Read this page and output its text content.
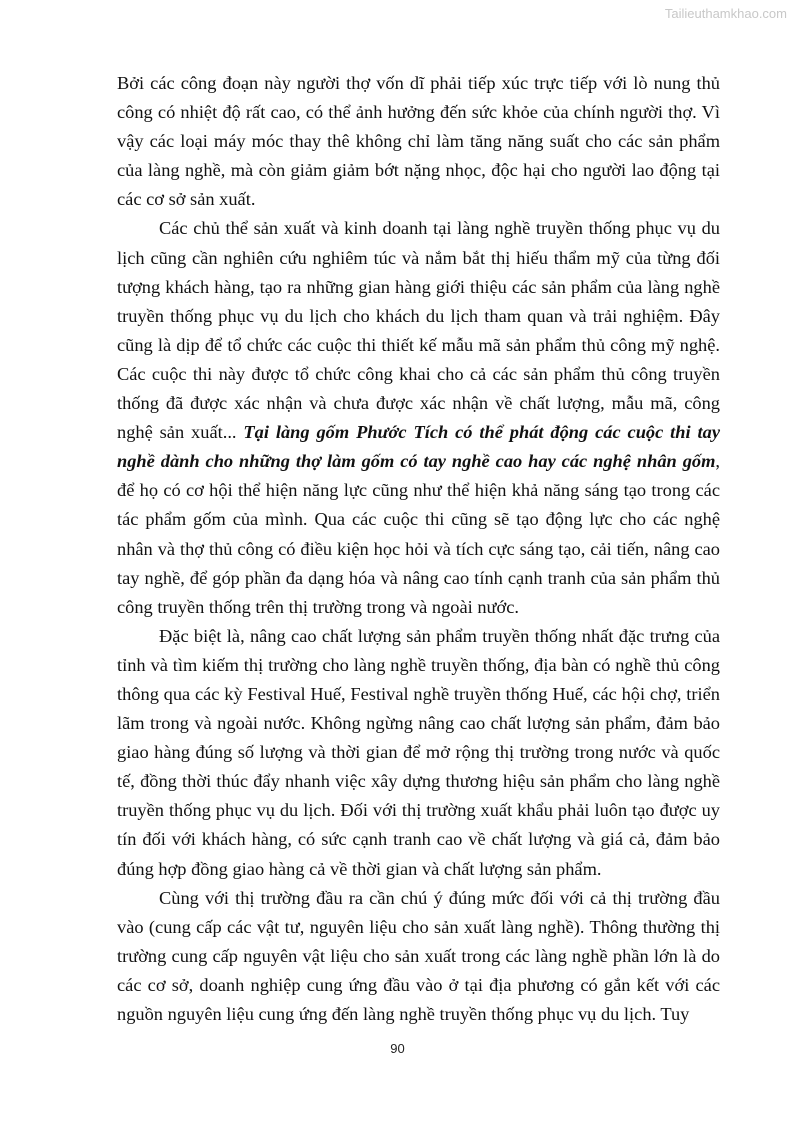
Tailieuthamkhao.com

Bởi các công đoạn này người thợ vốn dĩ phải tiếp xúc trực tiếp với lò nung thủ công có nhiệt độ rất cao, có thể ảnh hưởng đến sức khỏe của chính người thợ. Vì vậy các loại máy móc thay thê không chỉ làm tăng năng suất cho các sản phẩm của làng nghề, mà còn giảm giảm bớt nặng nhọc, độc hại cho người lao động tại các cơ sở sản xuất.

Các chủ thể sản xuất và kinh doanh tại làng nghề truyền thống phục vụ du lịch cũng cần nghiên cứu nghiêm túc và nắm bắt thị hiếu thẩm mỹ của từng đối tượng khách hàng, tạo ra những gian hàng giới thiệu các sản phẩm của làng nghề truyền thống phục vụ du lịch cho khách du lịch tham quan và trải nghiệm. Đây cũng là dịp để tổ chức các cuộc thi thiết kế mẫu mã sản phẩm thủ công mỹ nghệ. Các cuộc thi này được tổ chức công khai cho cả các sản phẩm thủ công truyền thống đã được xác nhận và chưa được xác nhận về chất lượng, mẫu mã, công nghệ sản xuất... Tại làng gốm Phước Tích có thể phát động các cuộc thi tay nghề dành cho những thợ làm gốm có tay nghề cao hay các nghệ nhân gốm, để họ có cơ hội thể hiện năng lực cũng như thể hiện khả năng sáng tạo trong các tác phẩm gốm của mình. Qua các cuộc thi cũng sẽ tạo động lực cho các nghệ nhân và thợ thủ công có điều kiện học hỏi và tích cực sáng tạo, cải tiến, nâng cao tay nghề, để góp phần đa dạng hóa và nâng cao tính cạnh tranh của sản phẩm thủ công truyền thống trên thị trường trong và ngoài nước.

Đặc biệt là, nâng cao chất lượng sản phẩm truyền thống nhất đặc trưng của tỉnh và tìm kiếm thị trường cho làng nghề truyền thống, địa bàn có nghề thủ công thông qua các kỳ Festival Huế, Festival nghề truyền thống Huế, các hội chợ, triển lãm trong và ngoài nước. Không ngừng nâng cao chất lượng sản phẩm, đảm bảo giao hàng đúng số lượng và thời gian để mở rộng thị trường trong nước và quốc tế, đồng thời thúc đẩy nhanh việc xây dựng thương hiệu sản phẩm cho làng nghề truyền thống phục vụ du lịch. Đối với thị trường xuất khẩu phải luôn tạo được uy tín đối với khách hàng, có sức cạnh tranh cao về chất lượng và giá cả, đảm bảo đúng hợp đồng giao hàng cả về thời gian và chất lượng sản phẩm.

Cùng với thị trường đầu ra cần chú ý đúng mức đối với cả thị trường đầu vào (cung cấp các vật tư, nguyên liệu cho sản xuất làng nghề). Thông thường thị trường cung cấp nguyên vật liệu cho sản xuất trong các làng nghề phần lớn là do các cơ sở, doanh nghiệp cung ứng đầu vào ở tại địa phương có gắn kết với các nguồn nguyên liệu cung ứng đến làng nghề truyền thống phục vụ du lịch. Tuy

90
